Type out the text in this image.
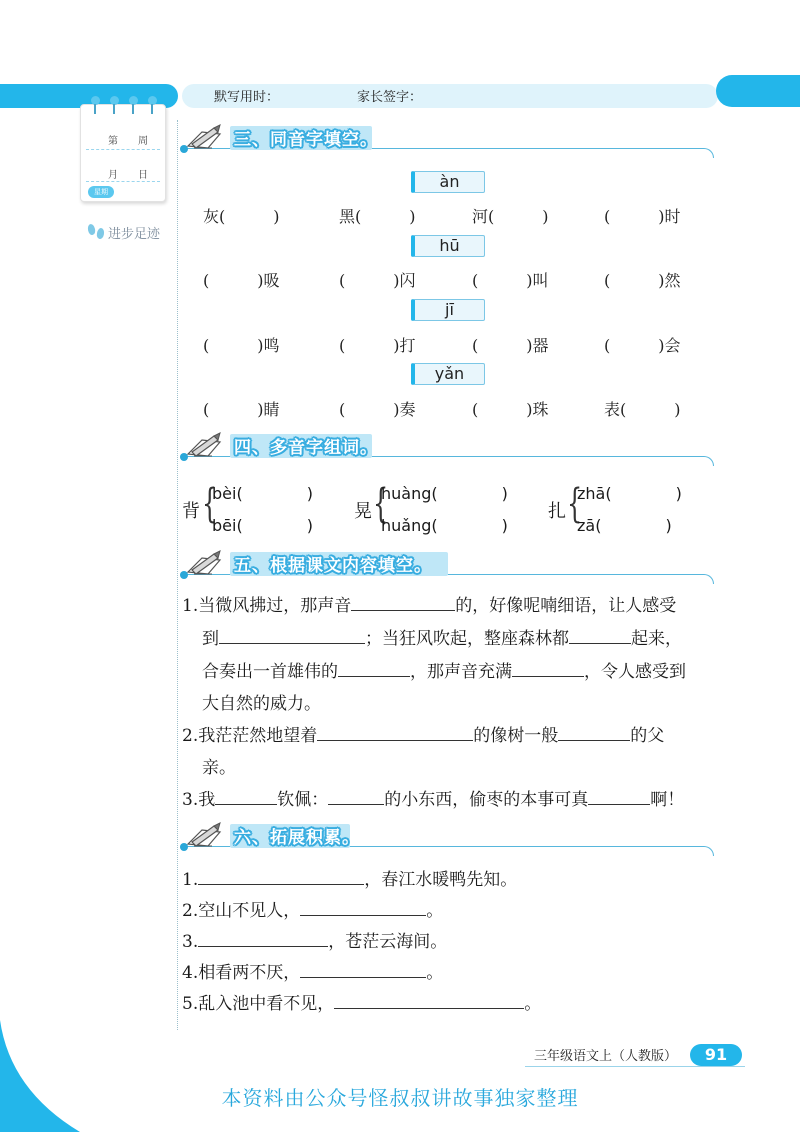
默写用时：	家长签字：
第　　周
月　　日
星期
进步足迹
三、同音字填空。
àn
灰(　　　)	黑(　　　)	河(　　　)	(　　　)时
hū
(　　　)吸	(　　　)闪	(　　　)叫	(　　　)然
jī
(　　　)鸣	(　　　)打	(　　　)器	(　　　)会
yǎn
(　　　)睛	(　　　)奏	(　　　)珠	表(　　　)
四、多音字组词。
背 {
bèi(　　　　)
bēi(　　　　)
晃 {
huàng(　　　　)
huǎng(　　　　)
扎 {
zhā(　　　　)
zā(　　　　)
五、根据课文内容填空。
1.当微风拂过，那声音	的，好像呢喃细语，让人感受
到	；当狂风吹起，整座森林都	起来，
合奏出一首雄伟的	，那声音充满	，令人感受到
大自然的威力。
2.我茫茫然地望着	的像树一般	的父
亲。
3.我	钦佩：	的小东西，偷枣的本事可真	啊！
六、拓展积累。
1.	，春江水暖鸭先知。
2.空山不见人，	。
3.	，苍茫云海间。
4.相看两不厌，	。
5.乱入池中看不见，	。
三年级语文上（人教版）	91
本资料由公众号怪叔叔讲故事独家整理
